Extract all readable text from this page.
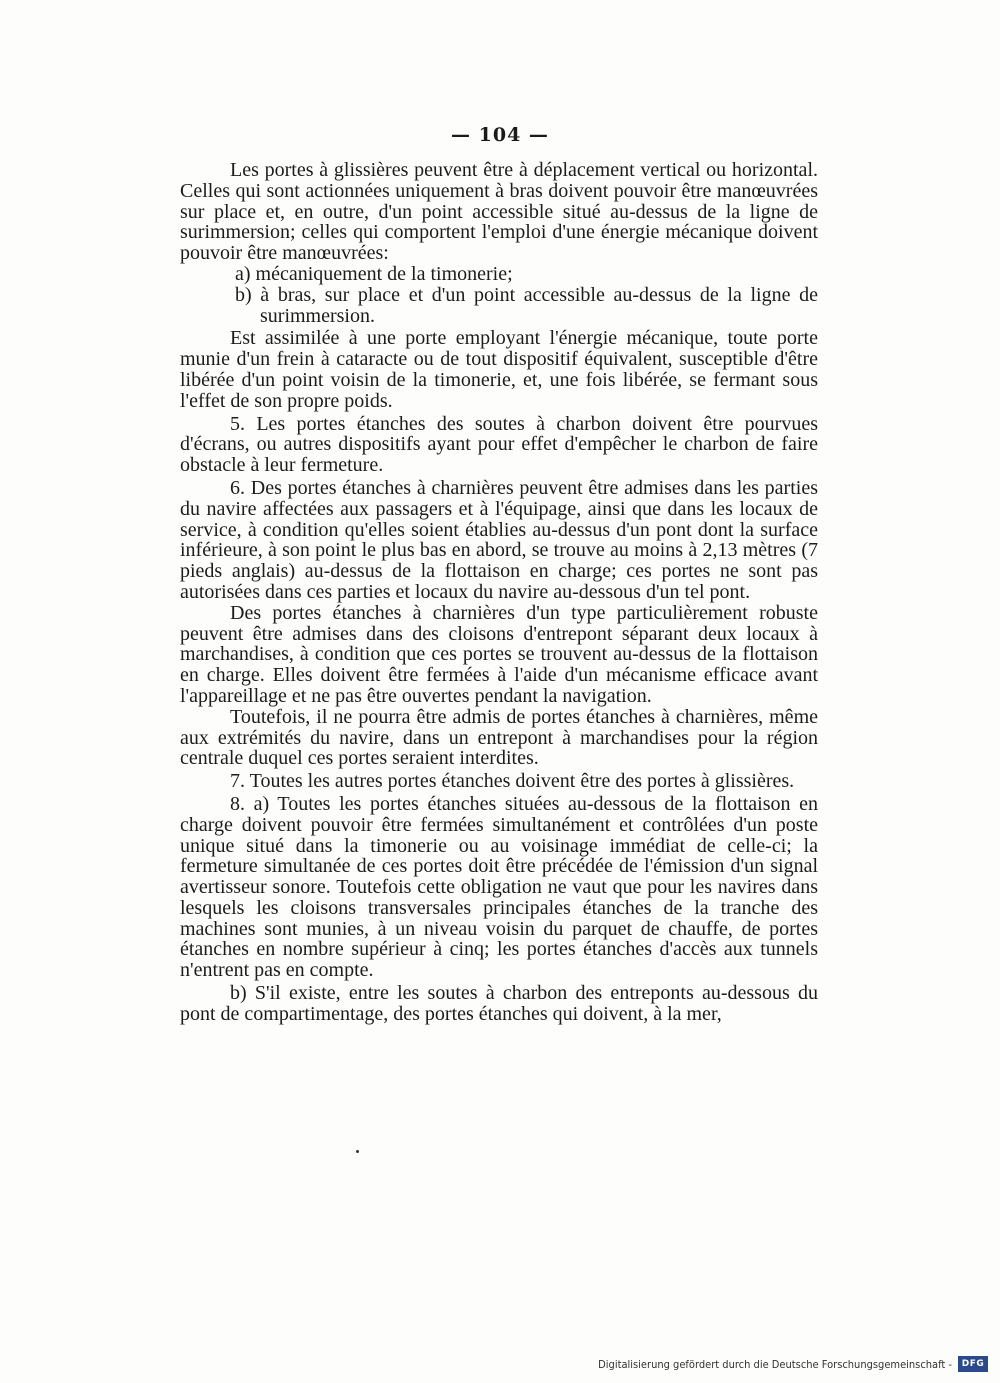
— 104 —

Les portes à glissières peuvent être à déplacement vertical ou horizontal. Celles qui sont actionnées uniquement à bras doivent pouvoir être manœuvrées sur place et, en outre, d'un point accessible situé au-dessus de la ligne de surimmersion; celles qui comportent l'emploi d'une énergie mécanique doivent pouvoir être manœuvrées:

a) mécaniquement de la timonerie;

b) à bras, sur place et d'un point accessible au-dessus de la ligne de surimmersion.

Est assimilée à une porte employant l'énergie mécanique, toute porte munie d'un frein à cataracte ou de tout dispositif équivalent, susceptible d'être libérée d'un point voisin de la timonerie, et, une fois libérée, se fermant sous l'effet de son propre poids.

5. Les portes étanches des soutes à charbon doivent être pourvues d'écrans, ou autres dispositifs ayant pour effet d'empêcher le charbon de faire obstacle à leur fermeture.

6. Des portes étanches à charnières peuvent être admises dans les parties du navire affectées aux passagers et à l'équipage, ainsi que dans les locaux de service, à condition qu'elles soient établies au-dessus d'un pont dont la surface inférieure, à son point le plus bas en abord, se trouve au moins à 2,13 mètres (7 pieds anglais) au-dessus de la flottaison en charge; ces portes ne sont pas autorisées dans ces parties et locaux du navire au-dessous d'un tel pont.

Des portes étanches à charnières d'un type particulièrement robuste peuvent être admises dans des cloisons d'entrepont séparant deux locaux à marchandises, à condition que ces portes se trouvent au-dessus de la flottaison en charge. Elles doivent être fermées à l'aide d'un mécanisme efficace avant l'appareillage et ne pas être ouvertes pendant la navigation.

Toutefois, il ne pourra être admis de portes étanches à charnières, même aux extrémités du navire, dans un entrepont à marchandises pour la région centrale duquel ces portes seraient interdites.

7. Toutes les autres portes étanches doivent être des portes à glissières.

8. a) Toutes les portes étanches situées au-dessous de la flottaison en charge doivent pouvoir être fermées simultanément et contrôlées d'un poste unique situé dans la timonerie ou au voisinage immédiat de celle-ci; la fermeture simultanée de ces portes doit être précédée de l'émission d'un signal avertisseur sonore. Toutefois cette obligation ne vaut que pour les navires dans lesquels les cloisons transversales principales étanches de la tranche des machines sont munies, à un niveau voisin du parquet de chauffe, de portes étanches en nombre supérieur à cinq; les portes étanches d'accès aux tunnels n'entrent pas en compte.

b) S'il existe, entre les soutes à charbon des entreponts au-dessous du pont de compartimentage, des portes étanches qui doivent, à la mer,

Digitalisierung gefördert durch die Deutsche Forschungsgemeinschaft -	DFG
